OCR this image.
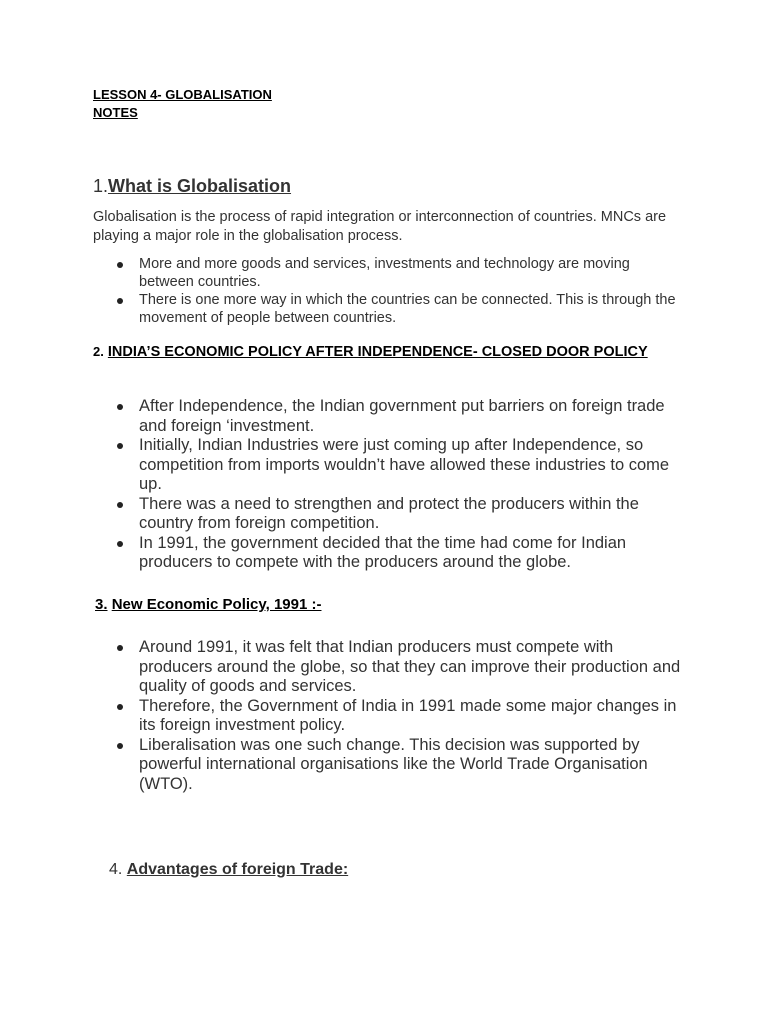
LESSON 4- GLOBALISATION

NOTES

1.What is Globalisation

Globalisation is the process of rapid integration or interconnection of countries. MNCs are playing a major role in the globalisation process.

More and more goods and services, investments and technology are moving between countries.
There is one more way in which the countries can be connected. This is through the movement of people between countries.
2. INDIA’S ECONOMIC POLICY AFTER INDEPENDENCE- CLOSED DOOR POLICY
After Independence, the Indian government put barriers on foreign trade and foreign ‘investment.
Initially, Indian Industries were just coming up after Independence, so competition from imports wouldn’t have allowed these industries to come up.
There was a need to strengthen and protect the producers within the country from foreign competition.
In 1991, the government decided that the time had come for Indian producers to compete with the producers around the globe.
3. New Economic Policy, 1991 :-
Around 1991, it was felt that Indian producers must compete with producers around the globe, so that they can improve their production and quality of goods and services.
Therefore, the Government of India in 1991 made some major changes in its foreign investment policy.
Liberalisation was one such change. This decision was supported by powerful international organisations like the World Trade Organisation (WTO).
4. Advantages of foreign Trade:
